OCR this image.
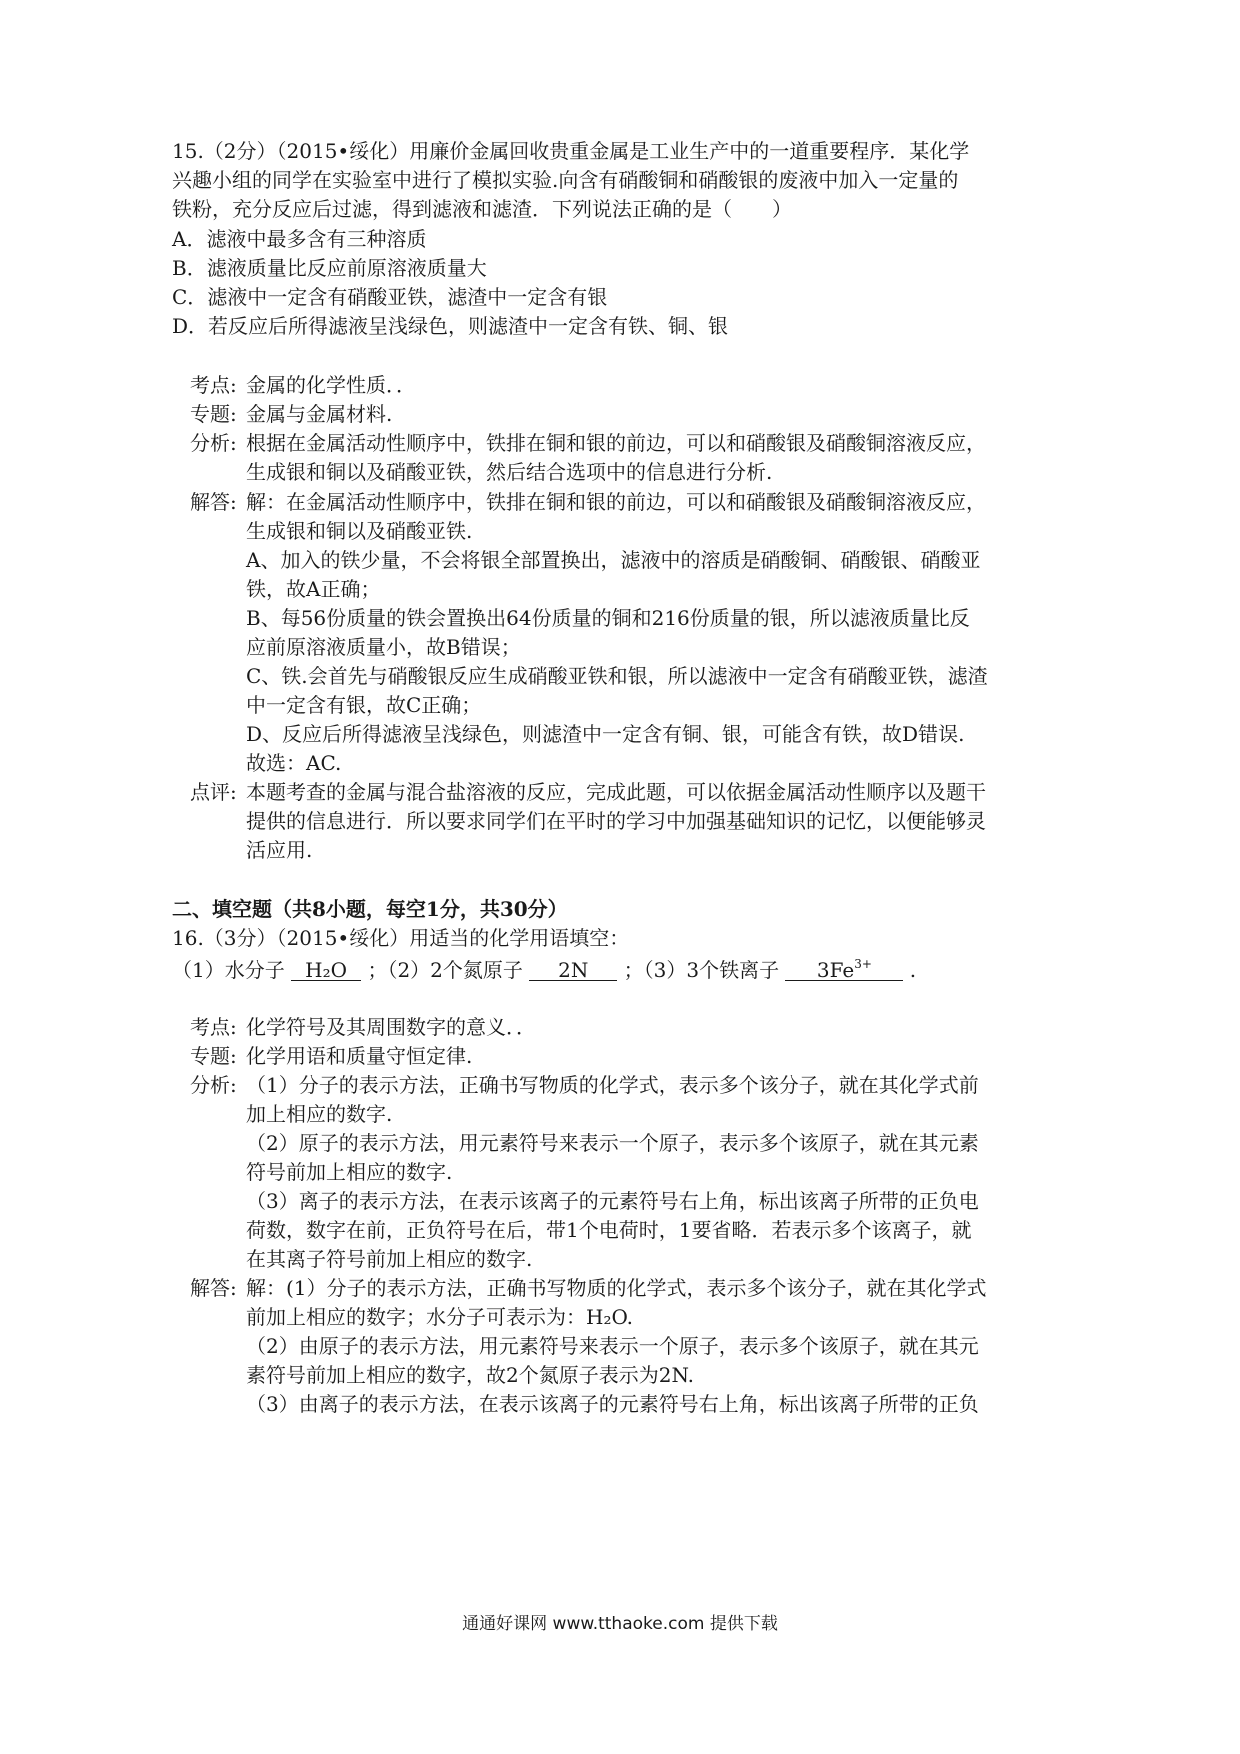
15.（2分）（2015•绥化）用廉价金属回收贵重金属是工业生产中的一道重要程序．某化学
兴趣小组的同学在实验室中进行了模拟实验.向含有硝酸铜和硝酸银的废液中加入一定量的
铁粉，充分反应后过滤，得到滤液和滤渣．下列说法正确的是（　　）
A．滤液中最多含有三种溶质
B．滤液质量比反应前原溶液质量大
C．滤液中一定含有硝酸亚铁，滤渣中一定含有银
D．若反应后所得滤液呈浅绿色，则滤渣中一定含有铁、铜、银
考点: 金属的化学性质．．
专题: 金属与金属材料.
分析: 根据在金属活动性顺序中，铁排在铜和银的前边，可以和硝酸银及硝酸铜溶液反应，
生成银和铜以及硝酸亚铁，然后结合选项中的信息进行分析.
解答: 解：在金属活动性顺序中，铁排在铜和银的前边，可以和硝酸银及硝酸铜溶液反应，
生成银和铜以及硝酸亚铁.
A、加入的铁少量，不会将银全部置换出，滤液中的溶质是硝酸铜、硝酸银、硝酸亚
铁，故A正确；
B、每56份质量的铁会置换出64份质量的铜和216份质量的银，所以滤液质量比反
应前原溶液质量小，故B错误；
C、铁.会首先与硝酸银反应生成硝酸亚铁和银，所以滤液中一定含有硝酸亚铁，滤渣
中一定含有银，故C正确；
D、反应后所得滤液呈浅绿色，则滤渣中一定含有铜、银，可能含有铁，故D错误.
故选：AC.
点评: 本题考查的金属与混合盐溶液的反应，完成此题，可以依据金属活动性顺序以及题干
提供的信息进行．所以要求同学们在平时的学习中加强基础知识的记忆，以便能够灵
活应用.
二、填空题（共8小题，每空1分，共30分）
16.（3分）（2015•绥化）用适当的化学用语填空：
（1）水分子 H₂O ；（2）2个氮原子 2N ；（3）3个铁离子 $3Fe^{3+}$ .
考点: 化学符号及其周围数字的意义．．
专题: 化学用语和质量守恒定律.
分析: （1）分子的表示方法，正确书写物质的化学式，表示多个该分子，就在其化学式前
加上相应的数字.
（2）原子的表示方法，用元素符号来表示一个原子，表示多个该原子，就在其元素
符号前加上相应的数字.
（3）离子的表示方法，在表示该离子的元素符号右上角，标出该离子所带的正负电
荷数，数字在前，正负符号在后，带1个电荷时，1要省略．若表示多个该离子，就
在其离子符号前加上相应的数字.
解答: 解：(1）分子的表示方法，正确书写物质的化学式，表示多个该分子，就在其化学式
前加上相应的数字；水分子可表示为：H₂O.
（2）由原子的表示方法，用元素符号来表示一个原子，表示多个该原子，就在其元
素符号前加上相应的数字，故2个氮原子表示为2N.
（3）由离子的表示方法，在表示该离子的元素符号右上角，标出该离子所带的正负
通通好课网 www.tthaoke.com 提供下载
